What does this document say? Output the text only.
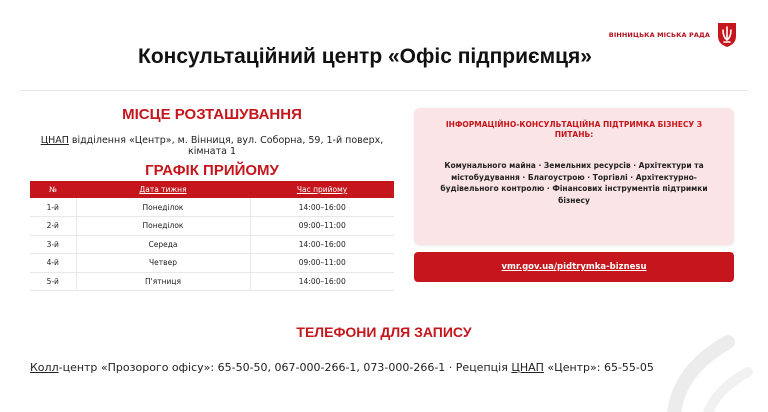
ВІННИЦЬКА МІСЬКА РАДА
Консультаційний центр «Офіс підприємця»
МІСЦЕ РОЗТАШУВАННЯ
ЦНАП відділення «Центр», м. Вінниця, вул. Соборна, 59, 1-й поверх, кімната 1
ГРАФІК ПРИЙОМУ
№	Дата тижня	Час прийому
1-й	Понеділок	14:00–16:00
2-й	Понеділок	09:00–11:00
3-й	Середа	14:00–16:00
4-й	Четвер	09:00–11:00
5-й	П'ятниця	14:00–16:00
ІНФОРМАЦІЙНО-КОНСУЛЬТАЦІЙНА ПІДТРИМКА БІЗНЕСУ З ПИТАНЬ:
Комунального майна · Земельних ресурсів · Архітектури та містобудування · Благоустрою · Торгівлі · Архітектурно-будівельного контролю · Фінансових інструментів підтримки бізнесу
vmr.gov.ua/pidtrymka-biznesu
ТЕЛЕФОНИ ДЛЯ ЗАПИСУ
Колл-центр «Прозорого офісу»: 65-50-50, 067-000-266-1, 073-000-266-1 · Рецепція ЦНАП «Центр»: 65-55-05
